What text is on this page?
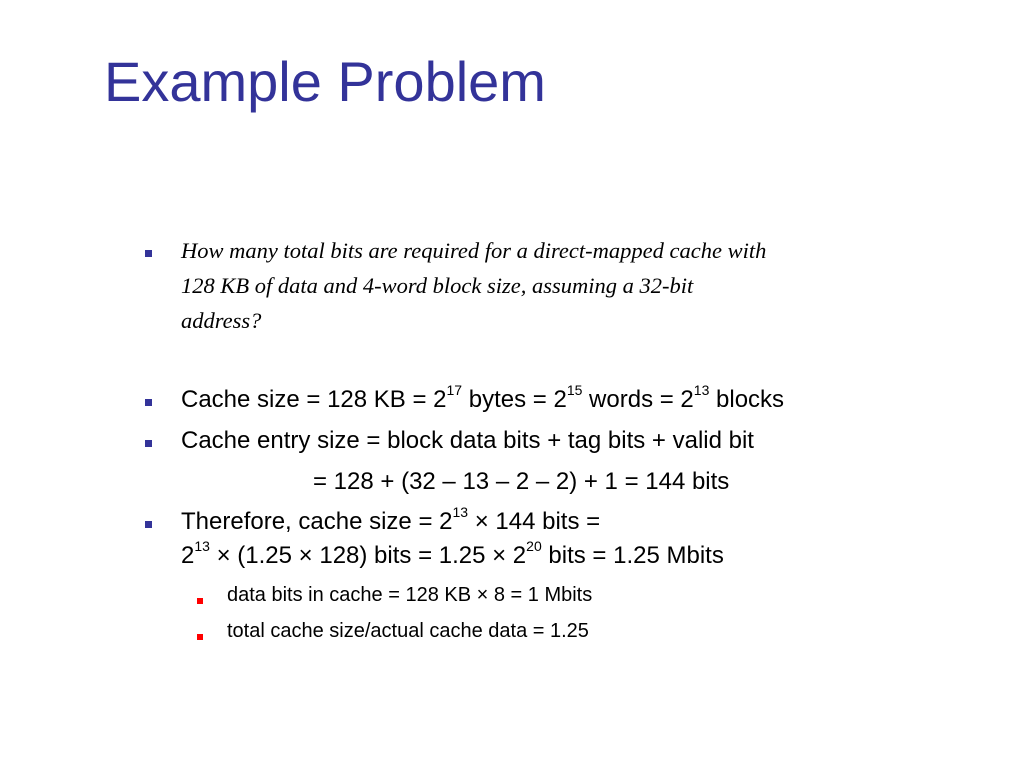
Example Problem
How many total bits are required for a direct-mapped cache with
128 KB of data and 4-word block size, assuming a 32-bit
address?
Cache size = 128 KB = $2^{17}$ bytes = $2^{15}$ words = $2^{13}$ blocks
Cache entry size = block data bits + tag bits + valid bit
= 128 + (32 – 13 – 2 – 2) + 1 = 144 bits
Therefore, cache size = $2^{13} \times 144$ bits =
$2^{13} \times (1.25 \times 128)$ bits = $1.25 \times 2^{20}$ bits = 1.25 Mbits
data bits in cache = 128 KB × 8 = 1 Mbits
total cache size/actual cache data = 1.25
